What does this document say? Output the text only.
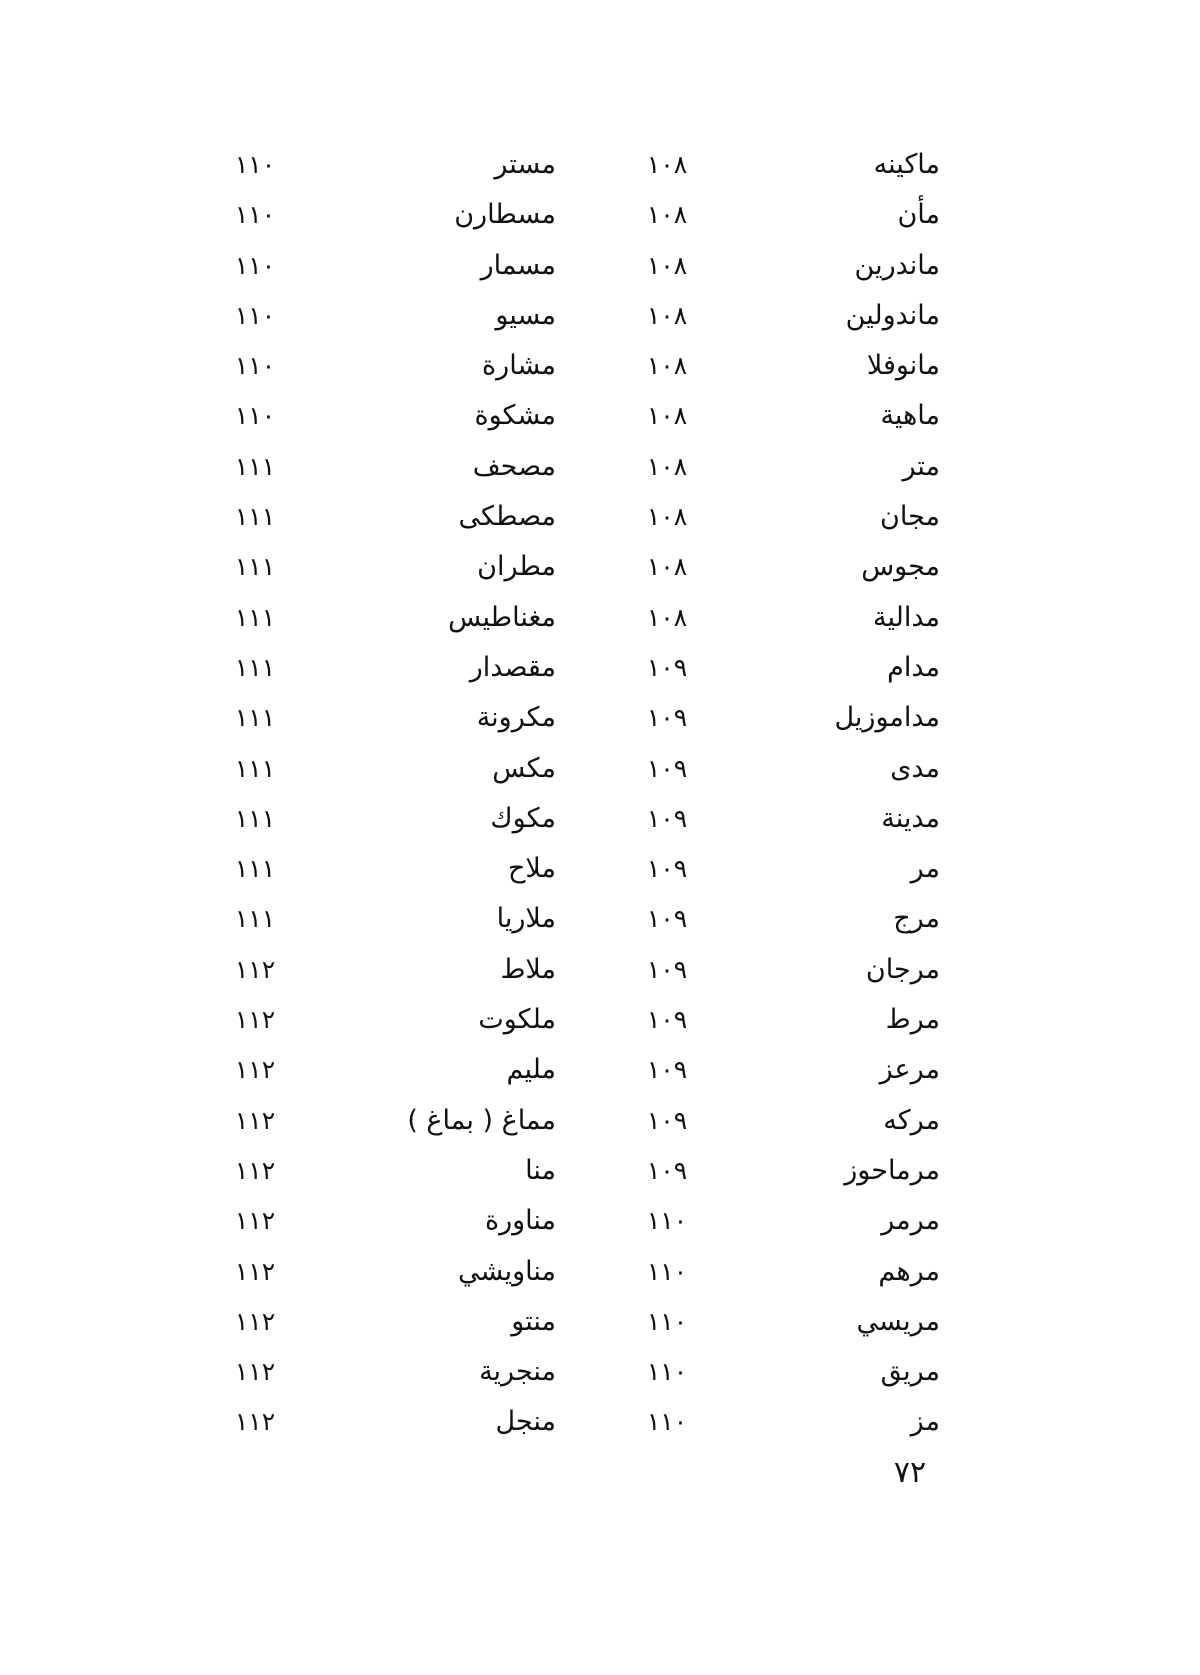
ماكينه
١٠٨
مستر
١١٠
مأن
١٠٨
مسطارن
١١٠
ماندرين
١٠٨
مسمار
١١٠
ماندولين
١٠٨
مسيو
١١٠
مانوفلا
١٠٨
مشارة
١١٠
ماهية
١٠٨
مشكوة
١١٠
متر
١٠٨
مصحف
١١١
مجان
١٠٨
مصطكى
١١١
مجوس
١٠٨
مطران
١١١
مدالية
١٠٨
مغناطيس
١١١
مدام
١٠٩
مقصدار
١١١
مداموزيل
١٠٩
مكرونة
١١١
مدى
١٠٩
مكس
١١١
مدينة
١٠٩
مكوك
١١١
مر
١٠٩
ملاح
١١١
مرج
١٠٩
ملاريا
١١١
مرجان
١٠٩
ملاط
١١٢
مرط
١٠٩
ملكوت
١١٢
مرعز
١٠٩
مليم
١١٢
مركه
١٠٩
مماغ ( بماغ )
١١٢
مرماحوز
١٠٩
منا
١١٢
مرمر
١١٠
مناورة
١١٢
مرهم
١١٠
مناويشي
١١٢
مريسي
١١٠
منتو
١١٢
مريق
١١٠
منجرية
١١٢
مز
١١٠
منجل
١١٢
٧٢
